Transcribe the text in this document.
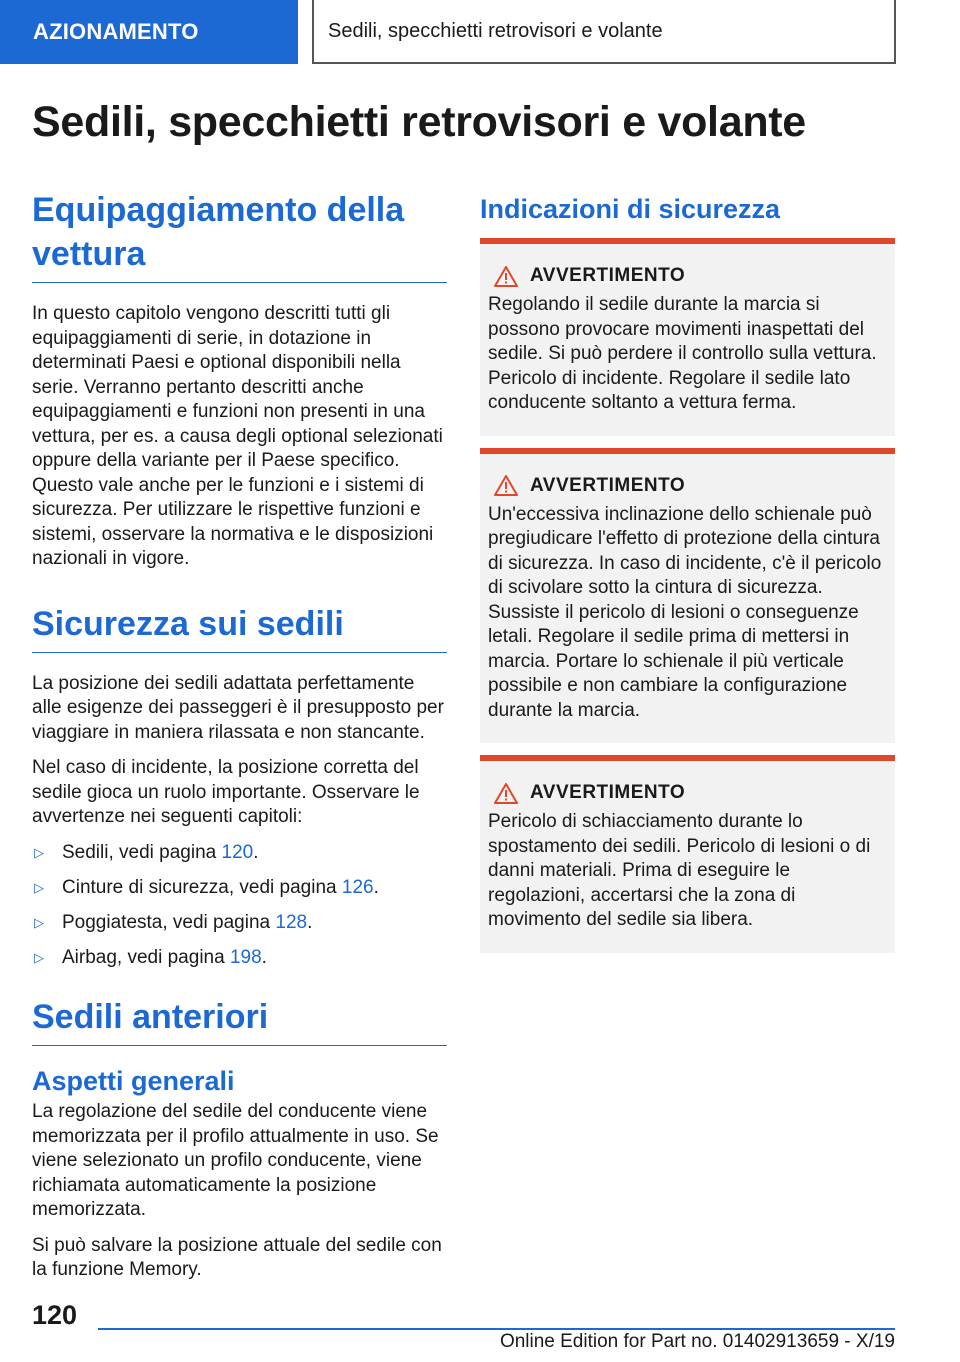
AZIONAMENTO	Sedili, specchietti retrovisori e volante
Sedili, specchietti retrovisori e volante
Equipaggiamento della vettura

In questo capitolo vengono descritti tutti gli equipaggiamenti di serie, in dotazione in determinati Paesi e optional disponibili nella serie. Verranno pertanto descritti anche equipaggiamenti e funzioni non presenti in una vettura, per es. a causa degli optional selezionati oppure della variante per il Paese specifico. Questo vale anche per le funzioni e i sistemi di sicurezza. Per utilizzare le rispettive funzioni e sistemi, osservare la normativa e le disposizioni nazionali in vigore.

Sicurezza sui sedili

La posizione dei sedili adattata perfettamente alle esigenze dei passeggeri è il presupposto per viaggiare in maniera rilassata e non stancante.

Nel caso di incidente, la posizione corretta del sedile gioca un ruolo importante. Osservare le avvertenze nei seguenti capitoli:

▷ Sedili, vedi pagina 120.
▷ Cinture di sicurezza, vedi pagina 126.
▷ Poggiatesta, vedi pagina 128.
▷ Airbag, vedi pagina 198.
Sedili anteriori
Aspetti generali

La regolazione del sedile del conducente viene memorizzata per il profilo attualmente in uso. Se viene selezionato un profilo conducente, viene richiamata automaticamente la posizione memorizzata.

Si può salvare la posizione attuale del sedile con la funzione Memory.

Indicazioni di sicurezza
AVVERTIMENTO

Regolando il sedile durante la marcia si possono provocare movimenti inaspettati del sedile. Si può perdere il controllo sulla vettura. Pericolo di incidente. Regolare il sedile lato conducente soltanto a vettura ferma.

AVVERTIMENTO

Un'eccessiva inclinazione dello schienale può pregiudicare l'effetto di protezione della cintura di sicurezza. In caso di incidente, c'è il pericolo di scivolare sotto la cintura di sicurezza. Sussiste il pericolo di lesioni o conseguenze letali. Regolare il sedile prima di mettersi in marcia. Portare lo schienale il più verticale possibile e non cambiare la configurazione durante la marcia.

AVVERTIMENTO

Pericolo di schiacciamento durante lo spostamento dei sedili. Pericolo di lesioni o di danni materiali. Prima di eseguire le regolazioni, accertarsi che la zona di movimento del sedile sia libera.

120
Online Edition for Part no. 01402913659 - X/19
